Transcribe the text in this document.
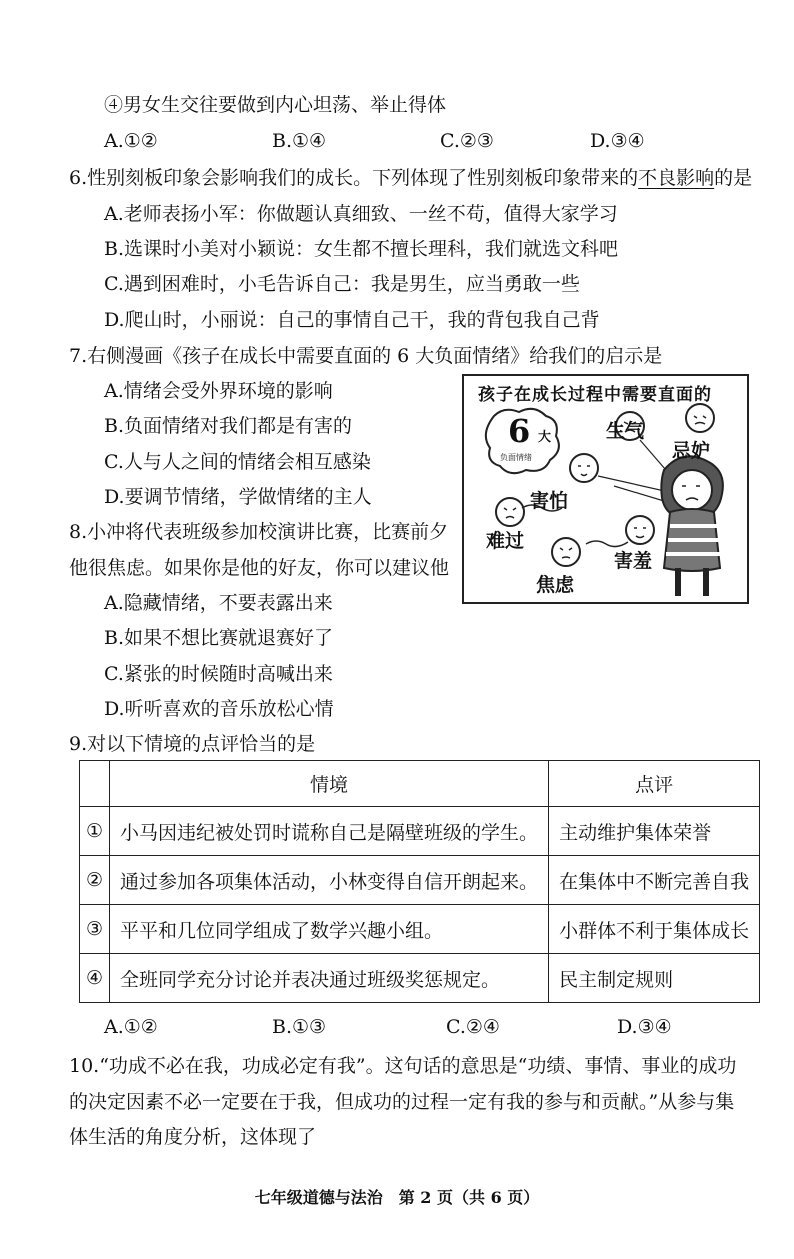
④男女生交往要做到内心坦荡、举止得体
A.①②	B.①④	C.②③	D.③④
6.性别刻板印象会影响我们的成长。下列体现了性别刻板印象带来的不良影响的是
A.老师表扬小军：你做题认真细致、一丝不苟，值得大家学习
B.选课时小美对小颖说：女生都不擅长理科，我们就选文科吧
C.遇到困难时，小毛告诉自己：我是男生，应当勇敢一些
D.爬山时，小丽说：自己的事情自己干，我的背包我自己背
7.右侧漫画《孩子在成长中需要直面的 6 大负面情绪》给我们的启示是
A.情绪会受外界环境的影响
B.负面情绪对我们都是有害的
C.人与人之间的情绪会相互感染
D.要调节情绪，学做情绪的主人
孩子在成长过程中需要直面的
6 大
负面情绪
生气
忌妒
害怕
难过
焦虑
害羞
8.小冲将代表班级参加校演讲比赛，比赛前夕
他很焦虑。如果你是他的好友，你可以建议他
A.隐藏情绪，不要表露出来
B.如果不想比赛就退赛好了
C.紧张的时候随时高喊出来
D.听听喜欢的音乐放松心情
9.对以下情境的点评恰当的是
	情境	点评
①	小马因违纪被处罚时谎称自己是隔壁班级的学生。	主动维护集体荣誉
②	通过参加各项集体活动，小林变得自信开朗起来。	在集体中不断完善自我
③	平平和几位同学组成了数学兴趣小组。	小群体不利于集体成长
④	全班同学充分讨论并表决通过班级奖惩规定。	民主制定规则
A.①②	B.①③	C.②④	D.③④
10.“功成不必在我，功成必定有我”。这句话的意思是“功绩、事情、事业的成功
的决定因素不必一定要在于我，但成功的过程一定有我的参与和贡献。”从参与集
体生活的角度分析，这体现了
七年级道德与法治　第 2 页（共 6 页）
